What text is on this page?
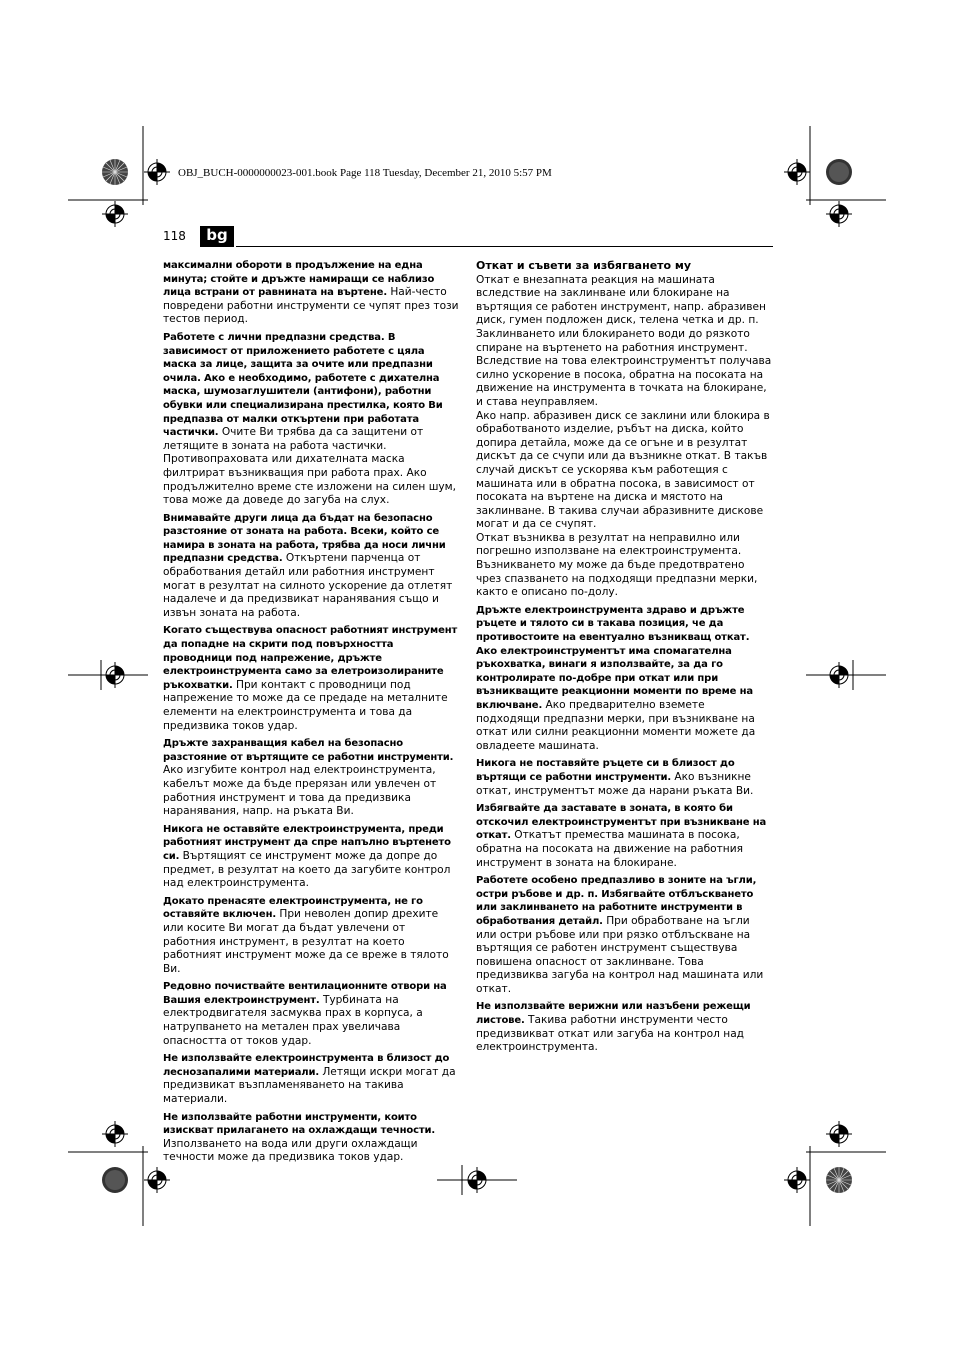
OBJ_BUCH-0000000023-001.book Page 118 Tuesday, December 21, 2010 5:57 PM
118	bg

максимални обороти в продължение на една минута; стойте и дръжте намиращи се наблизо лица встрани от равнината на въртене. Най-често повредени работни инструменти се чупят през този тестов период.

Работете с лични предпазни средства. В зависимост от приложението работете с цяла маска за лице, защита за очите или предпазни очила. Ако е необходимо, работете с дихателна маска, шумозаглушители (антифони), работни обувки или специализирана престилка, която Ви предпазва от малки откъртени при работата частички. Очите Ви трябва да са защитени от летящите в зоната на работа частички. Противопраховата или дихателната маска филтрират възникващия при работа прах. Ако продължително време сте изложени на силен шум, това може да доведе до загуба на слух.

Внимавайте други лица да бъдат на безопасно разстояние от зоната на работа. Всеки, който се намира в зоната на работа, трябва да носи лични предпазни средства. Откъртени парченца от обработвания детайл или работния инструмент могат в резултат на силното ускорение да отлетят надалече и да предизвикат наранявания също и извън зоната на работа.

Когато съществува опасност работният инструмент да попадне на скрити под повърхността проводници под напрежение, дръжте електроинструмента само за елетроизолираните ръкохватки. При контакт с проводници под напрежение то може да се предаде на металните елементи на електроинструмента и това да предизвика токов удар.

Дръжте захранващия кабел на безопасно разстояние от въртящите се работни инструменти. Ако изгубите контрол над електроинструмента, кабелът може да бъде прерязан или увлечен от работния инструмент и това да предизвика наранявания, напр. на ръката Ви.

Никога не оставяйте електроинструмента, преди работният инструмент да спре напълно въртенето си. Въртящият се инструмент може да допре до предмет, в резултат на което да загубите контрол над електроинструмента.

Докато пренасяте електроинструмента, не го оставяйте включен. При неволен допир дрехите или косите Ви могат да бъдат увлечени от работния инструмент, в резултат на което работният инструмент може да се вреже в тялото Ви.

Редовно почиствайте вентилационните отвори на Вашия електроинструмент. Турбината на електродвигателя засмуква прах в корпуса, а натрупването на метален прах увеличава опасността от токов удар.

Не използвайте електроинструмента в близост до леснозапалими материали. Летящи искри могат да предизвикат възпламеняването на такива материали.

Не използвайте работни инструменти, които изискват прилагането на охлаждащи течности. Използването на вода или други охлаждащи течности може да предизвика токов удар.

Откат и съвети за избягването му

Откат е внезапната реакция на машината вследствие на заклинване или блокиране на въртящия се работен инструмент, напр. абразивен диск, гумен подложен диск, телена четка и др. п. Заклинването или блокирането води до рязкото спиране на въртенето на работния инструмент. Вследствие на това електроинструментът получава силно ускорение в посока, обратна на посоката на движение на инструмента в точката на блокиране, и става неуправляем.

Ако напр. абразивен диск се заклини или блокира в обработваното изделие, ръбът на диска, който допира детайла, може да се огъне и в резултат дискът да се счупи или да възникне откат. В такъв случай дискът се ускорява към работещия с машината или в обратна посока, в зависимост от посоката на въртене на диска и мястото на заклинване. В такива случаи абразивните дискове могат и да се счупят.

Откат възниква в резултат на неправилно или погрешно използване на електроинструмента. Възникването му може да бъде предотвратено чрез спазването на подходящи предпазни мерки, както е описано по-долу.

Дръжте електроинструмента здраво и дръжте ръцете и тялото си в такава позиция, че да противостоите на евентуално възникващ откат. Ако електроинструментът има спомагателна ръкохватка, винаги я използвайте, за да го контролирате по-добре при откат или при възникващите реакционни моменти по време на включване. Ако предварително вземете подходящи предпазни мерки, при възникване на откат или силни реакционни моменти можете да овладеете машината.

Никога не поставяйте ръцете си в близост до въртящи се работни инструменти. Ако възникне откат, инструментът може да нарани ръката Ви.

Избягвайте да заставате в зоната, в която би отскочил електроинструментът при възникване на откат. Откатът премества машината в посока, обратна на посоката на движение на работния инструмент в зоната на блокиране.

Работете особено предпазливо в зоните на ъгли, остри ръбове и др. п. Избягвайте отблъскването или заклинването на работните инструменти в обработвания детайл. При обработване на ъгли или остри ръбове или при рязко отблъскване на въртящия се работен инструмент съществува повишена опасност от заклинване. Това предизвиква загуба на контрол над машината или откат.

Не използвайте верижни или назъбени режещи листове. Такива работни инструменти често предизвикват откат или загуба на контрол над електроинструмента.
